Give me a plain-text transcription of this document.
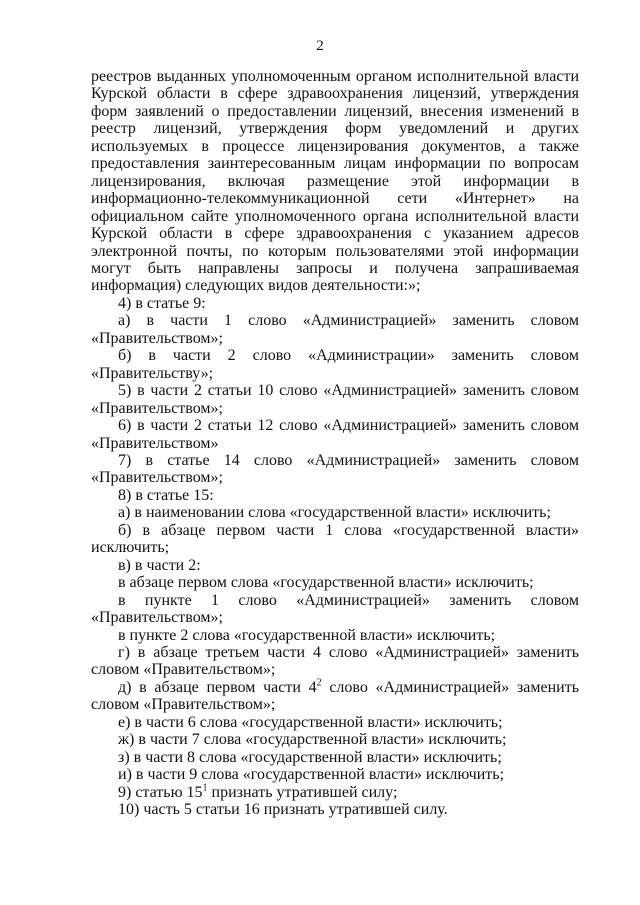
2

реестров выданных уполномоченным органом исполнительной власти Курской области в сфере здравоохранения лицензий, утверждения форм заявлений о предоставлении лицензий, внесения изменений в реестр лицензий, утверждения форм уведомлений и других используемых в процессе лицензирования документов, а также предоставления заинтересованным лицам информации по вопросам лицензирования, включая размещение этой информации в информационно-телекоммуникационной сети «Интернет» на официальном сайте уполномоченного органа исполнительной власти Курской области в сфере здравоохранения с указанием адресов электронной почты, по которым пользователями этой информации могут быть направлены запросы и получена запрашиваемая информация) следующих видов деятельности:»;

4) в статье 9:

а) в части 1 слово «Администрацией» заменить словом «Правительством»;

б) в части 2 слово «Администрации» заменить словом «Правительству»;

5) в части 2 статьи 10 слово «Администрацией» заменить словом «Правительством»;

6) в части 2 статьи 12 слово «Администрацией» заменить словом «Правительством»

7) в статье 14 слово «Администрацией» заменить словом «Правительством»;

8) в статье 15:

а) в наименовании слова «государственной власти» исключить;

б) в абзаце первом части 1 слова «государственной власти» исключить;

в) в части 2:

в абзаце первом слова «государственной власти» исключить;

в пункте 1 слово «Администрацией» заменить словом «Правительством»;

в пункте 2 слова «государственной власти» исключить;

г) в абзаце третьем части 4 слово «Администрацией» заменить словом «Правительством»;

д) в абзаце первом части $4^2$ слово «Администрацией» заменить словом «Правительством»;

е) в части 6 слова «государственной власти» исключить;

ж) в части 7 слова «государственной власти» исключить;

з) в части 8 слова «государственной власти» исключить;

и) в части 9 слова «государственной власти» исключить;

9) статью $15^1$ признать утратившей силу;

10) часть 5 статьи 16 признать утратившей силу.
